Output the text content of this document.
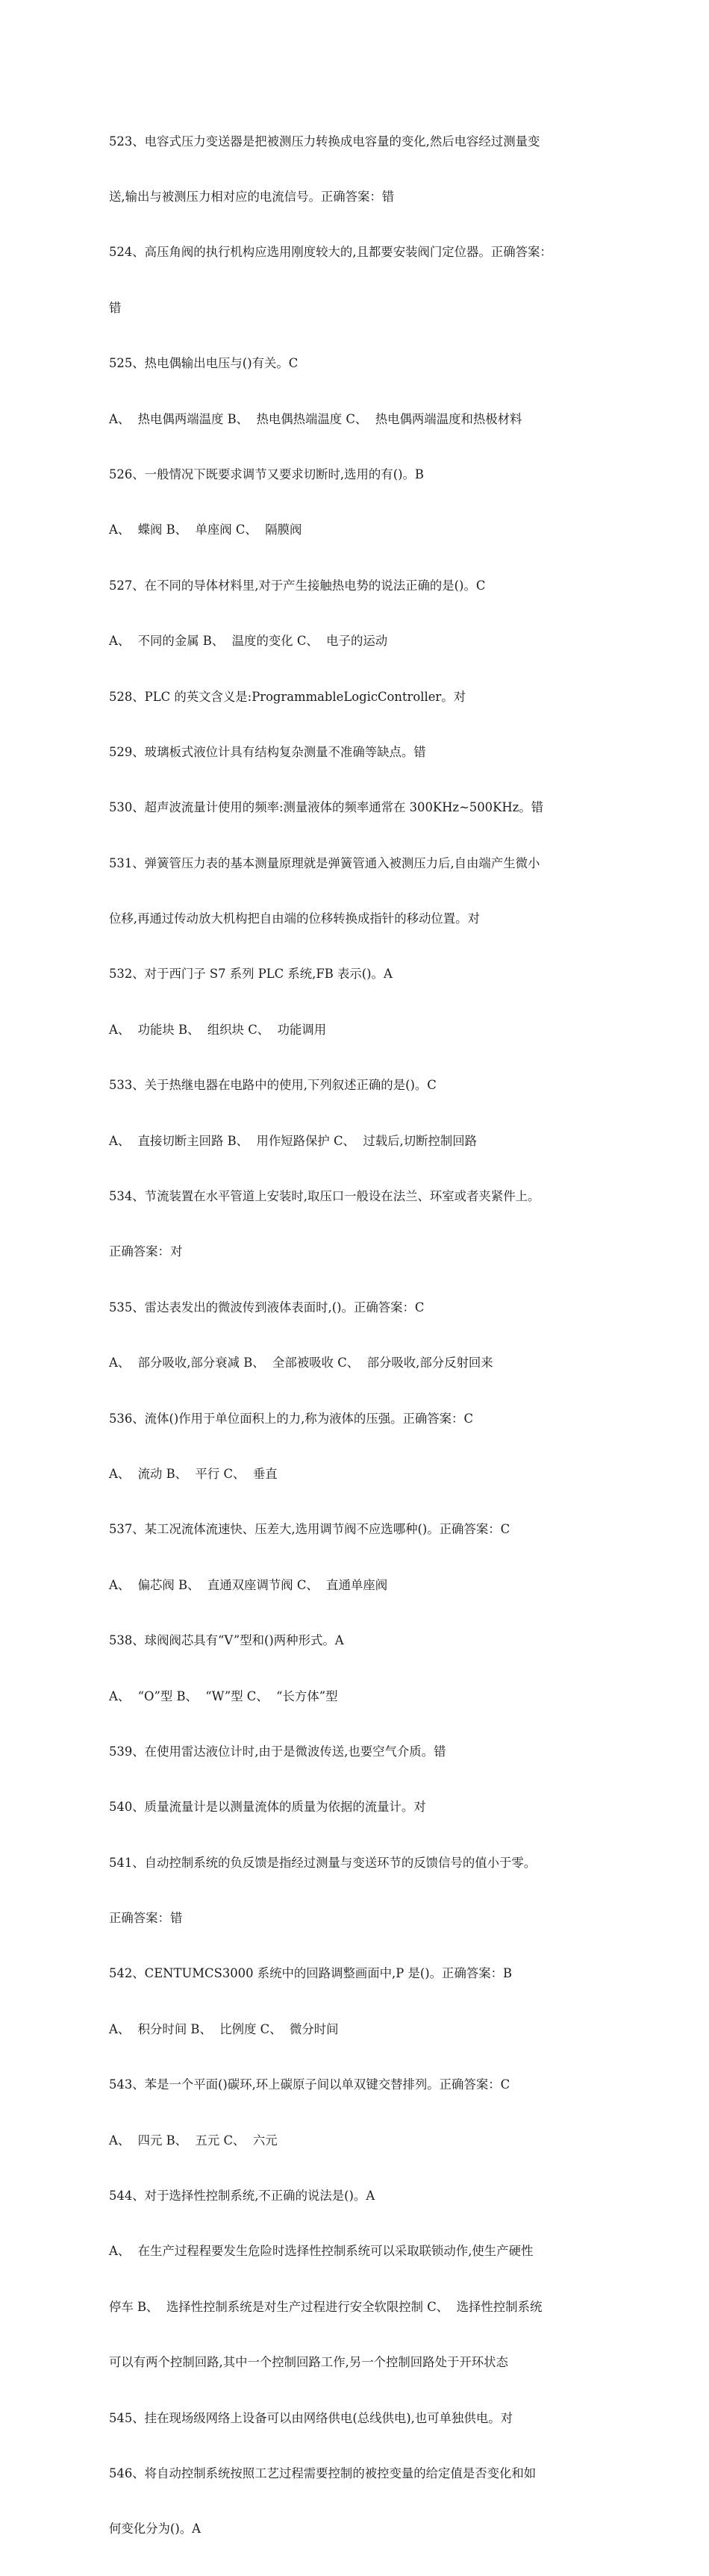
523、电容式压力变送器是把被测压力转换成电容量的变化,然后电容经过测量变

送,输出与被测压力相对应的电流信号。正确答案：错

524、高压角阀的执行机构应选用刚度较大的,且都要安装阀门定位器。正确答案：

错

525、热电偶输出电压与()有关。C

A、  热电偶两端温度 B、  热电偶热端温度 C、  热电偶两端温度和热极材料

526、一般情况下既要求调节又要求切断时,选用的有()。B

A、  蝶阀 B、  单座阀 C、  隔膜阀

527、在不同的导体材料里,对于产生接触热电势的说法正确的是()。C

A、  不同的金属 B、  温度的变化 C、  电子的运动

528、PLC 的英文含义是:ProgrammableLogicController。对

529、玻璃板式液位计具有结构复杂测量不准确等缺点。错

530、超声波流量计使用的频率:测量液体的频率通常在 300KHz~500KHz。错

531、弹簧管压力表的基本测量原理就是弹簧管通入被测压力后,自由端产生微小

位移,再通过传动放大机构把自由端的位移转换成指针的移动位置。对

532、对于西门子 S7 系列 PLC 系统,FB 表示()。A

A、  功能块 B、  组织块 C、  功能调用

533、关于热继电器在电路中的使用,下列叙述正确的是()。C

A、  直接切断主回路 B、  用作短路保护 C、  过载后,切断控制回路

534、节流装置在水平管道上安装时,取压口一般设在法兰、环室或者夹紧件上。

正确答案：对

535、雷达表发出的微波传到液体表面时,()。正确答案：C

A、  部分吸收,部分衰减 B、  全部被吸收 C、  部分吸收,部分反射回来

536、流体()作用于单位面积上的力,称为液体的压强。正确答案：C

A、  流动 B、  平行 C、  垂直

537、某工况流体流速快、压差大,选用调节阀不应选哪种()。正确答案：C

A、  偏芯阀 B、  直通双座调节阀 C、  直通单座阀

538、球阀阀芯具有“V”型和()两种形式。A

A、  “O”型 B、  “W”型 C、  “长方体”型

539、在使用雷达液位计时,由于是微波传送,也要空气介质。错

540、质量流量计是以测量流体的质量为依据的流量计。对

541、自动控制系统的负反馈是指经过测量与变送环节的反馈信号的值小于零。

正确答案：错

542、CENTUMCS3000 系统中的回路调整画面中,P 是()。正确答案：B

A、  积分时间 B、  比例度 C、  微分时间

543、苯是一个平面()碳环,环上碳原子间以单双键交替排列。正确答案：C

A、  四元 B、  五元 C、  六元

544、对于选择性控制系统,不正确的说法是()。A

A、  在生产过程程要发生危险时选择性控制系统可以采取联锁动作,使生产硬性

停车 B、  选择性控制系统是对生产过程进行安全软限控制 C、  选择性控制系统

可以有两个控制回路,其中一个控制回路工作,另一个控制回路处于开环状态

545、挂在现场级网络上设备可以由网络供电(总线供电),也可单独供电。对

546、将自动控制系统按照工艺过程需要控制的被控变量的给定值是否变化和如

何变化分为()。A
